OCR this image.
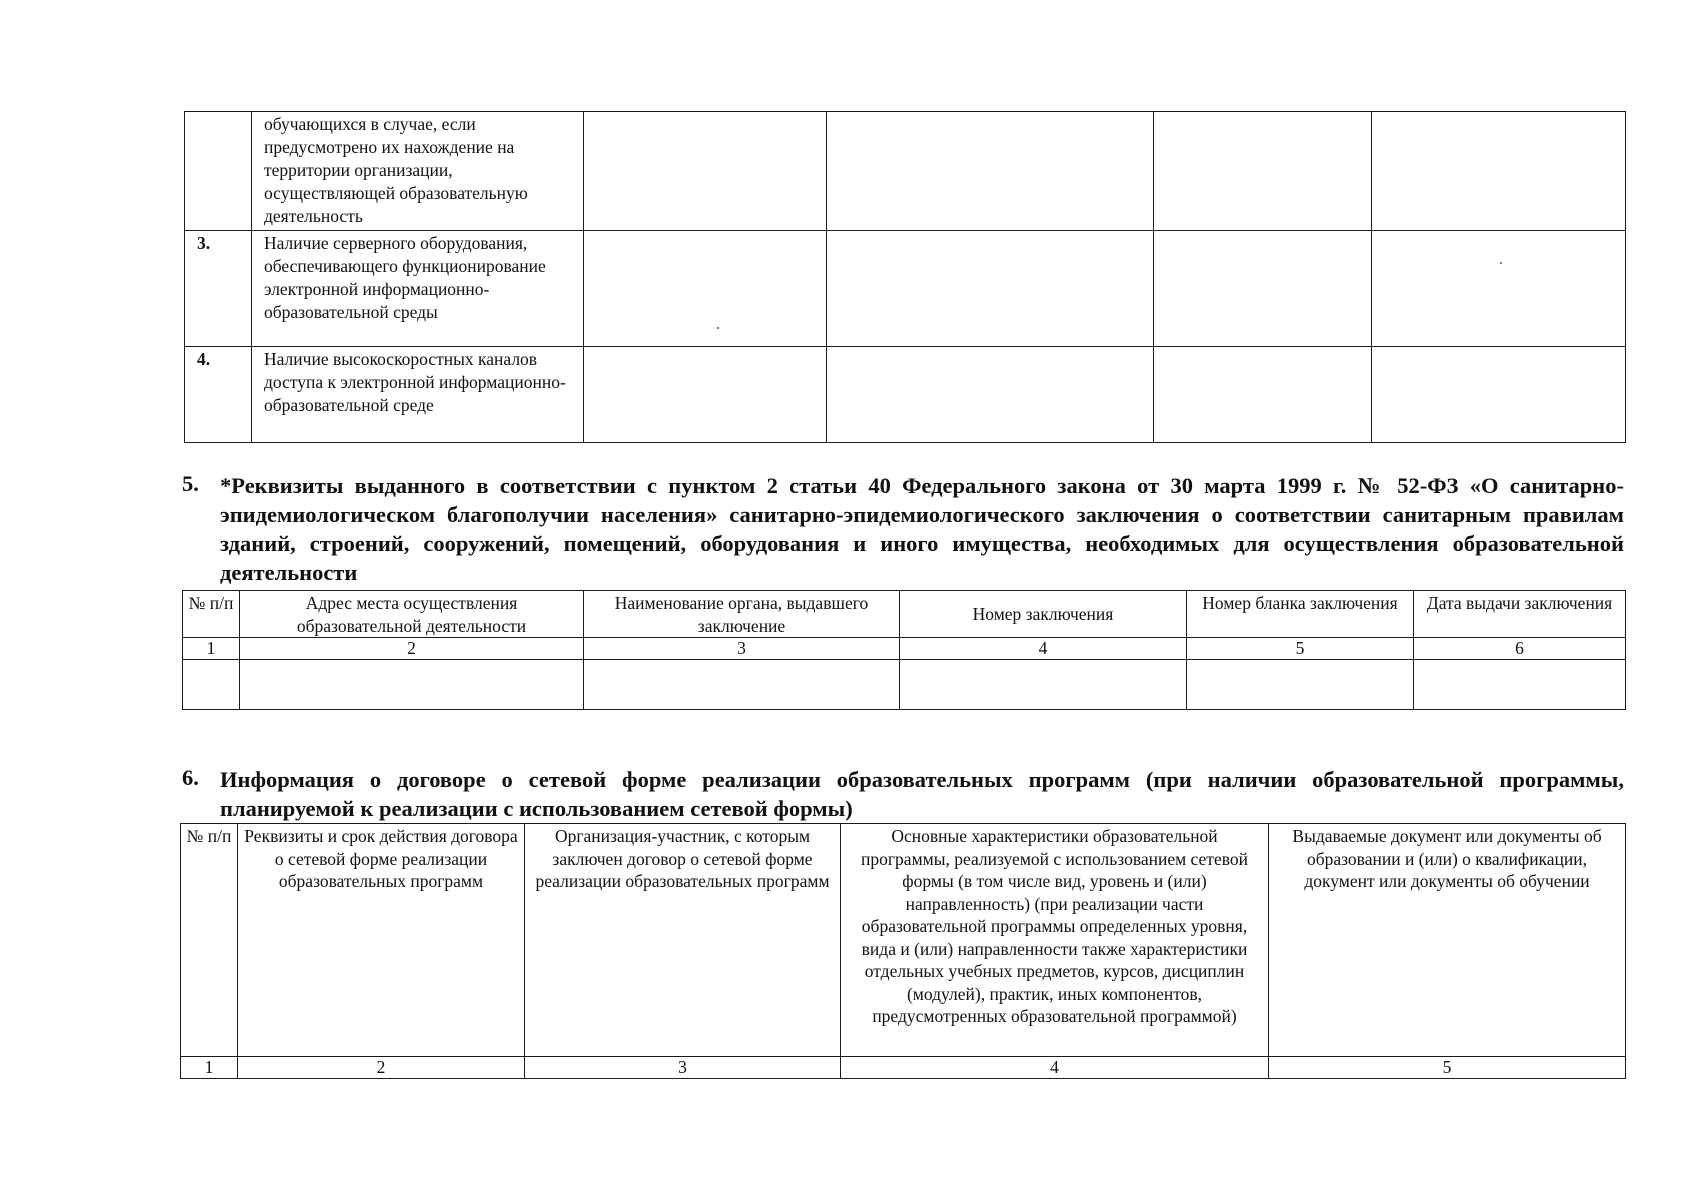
	обучающихся в случае, если предусмотрено их нахождение на территории организации, осуществляющей образовательную деятельность				

3.	Наличие серверного оборудования, обеспечивающего функционирование электронной информационно-образовательной среды				

4.	Наличие высокоскоростных каналов доступа к электронной информационно-образовательной среде				

5. *Реквизиты выданного в соответствии с пунктом 2 статьи 40 Федерального закона от 30 марта 1999 г. № 52-ФЗ «О санитарно-эпидемиологическом благополучии населения» санитарно-эпидемиологического заключения о соответствии санитарным правилам зданий, строений, сооружений, помещений, оборудования и иного имущества, необходимых для осуществления образовательной деятельности
№ п/п	Адрес места осуществления образовательной деятельности	Наименование органа, выдавшего заключение	Номер заключения	Номер бланка заключения	Дата выдачи заключения

1	2	3	4	5	6

6. Информация о договоре о сетевой форме реализации образовательных программ (при наличии образовательной программы, планируемой к реализации с использованием сетевой формы)
№ п/п	Реквизиты и срок действия договора о сетевой форме реализации образовательных программ	Организация-участник, с которым заключен договор о сетевой форме реализации образовательных программ	Основные характеристики образовательной программы, реализуемой с использованием сетевой формы (в том числе вид, уровень и (или) направленность) (при реализации части образовательной программы определенных уровня, вида и (или) направленности также характеристики отдельных учебных предметов, курсов, дисциплин (модулей), практик, иных компонентов, предусмотренных образовательной программой)	Выдаваемые документ или документы об образовании и (или) о квалификации, документ или документы об обучении

1	2	3	4	5
